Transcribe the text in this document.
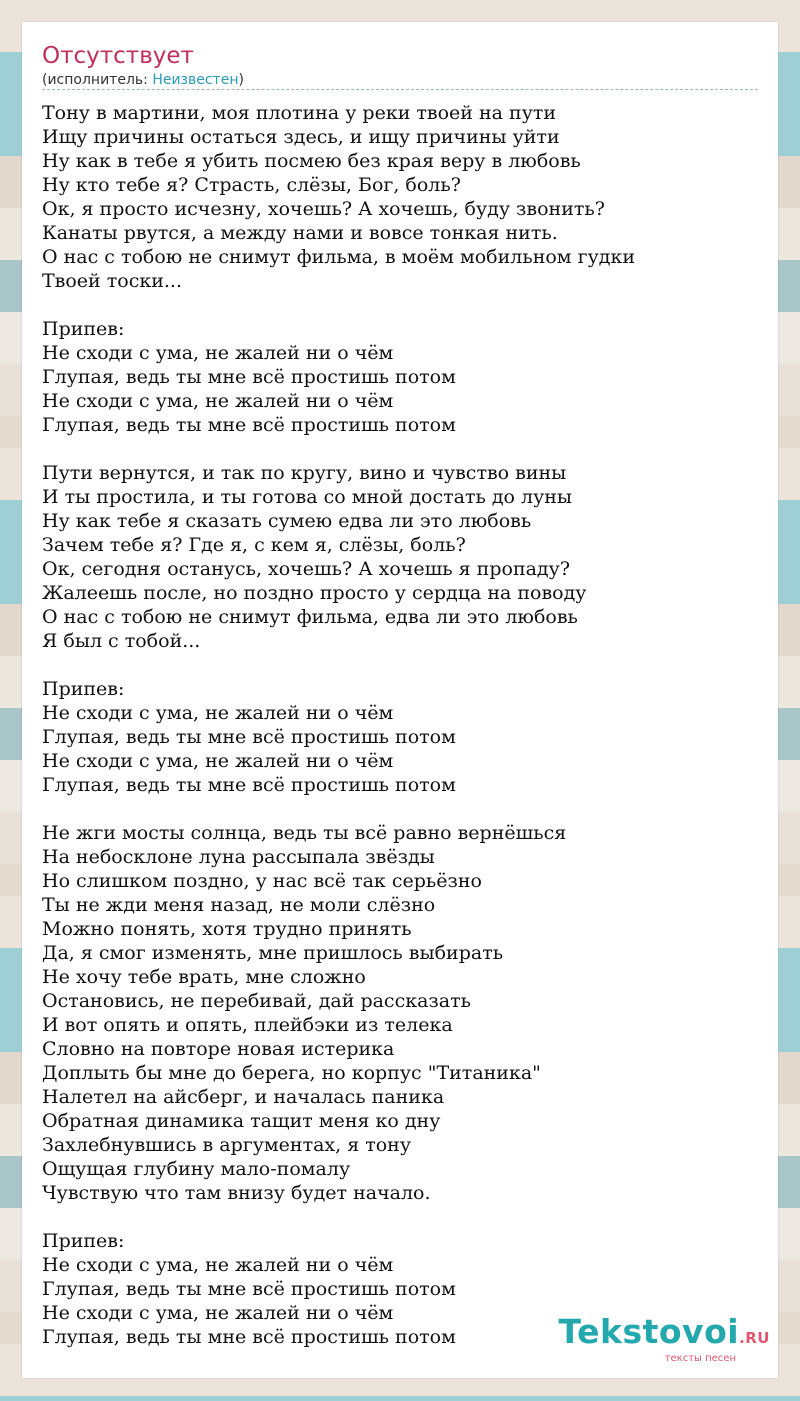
Отсутствует
(исполнитель: Неизвестен)
Тону в мартини, моя плотина у реки твоей на пути
Ищу причины остаться здесь, и ищу причины уйти
Ну как в тебе я убить посмею без края веру в любовь
Ну кто тебе я? Страсть, слёзы, Бог, боль?
Ок, я просто исчезну, хочешь? А хочешь, буду звонить?
Канаты рвутся, а между нами и вовсе тонкая нить.
О нас с тобою не снимут фильма, в моём мобильном гудки
Твоей тоски...
Припев:
Не сходи с ума, не жалей ни о чём
Глупая, ведь ты мне всё простишь потом
Не сходи с ума, не жалей ни о чём
Глупая, ведь ты мне всё простишь потом
Пути вернутся, и так по кругу, вино и чувство вины
И ты простила, и ты готова со мной достать до луны
Ну как тебе я сказать сумею едва ли это любовь
Зачем тебе я? Где я, с кем я, слёзы, боль?
Ок, сегодня останусь, хочешь? А хочешь я пропаду?
Жалеешь после, но поздно просто у сердца на поводу
О нас с тобою не снимут фильма, едва ли это любовь
Я был с тобой...
Припев:
Не сходи с ума, не жалей ни о чём
Глупая, ведь ты мне всё простишь потом
Не сходи с ума, не жалей ни о чём
Глупая, ведь ты мне всё простишь потом
Не жги мосты солнца, ведь ты всё равно вернёшься
На небосклоне луна рассыпала звёзды
Но слишком поздно, у нас всё так серьёзно
Ты не жди меня назад, не моли слёзно
Можно понять, хотя трудно принять
Да, я смог изменять, мне пришлось выбирать
Не хочу тебе врать, мне сложно
Остановись, не перебивай, дай рассказать
И вот опять и опять, плейбэки из телека
Словно на повторе новая истерика
Доплыть бы мне до берега, но корпус "Титаника"
Налетел на айсберг, и началась паника
Обратная динамика тащит меня ко дну
Захлебнувшись в аргументах, я тону
Ощущая глубину мало-помалу
Чувствую что там внизу будет начало.
Припев:
Не сходи с ума, не жалей ни о чём
Глупая, ведь ты мне всё простишь потом
Не сходи с ума, не жалей ни о чём
Глупая, ведь ты мне всё простишь потом	Tekstovoi.RU
тексты песен
